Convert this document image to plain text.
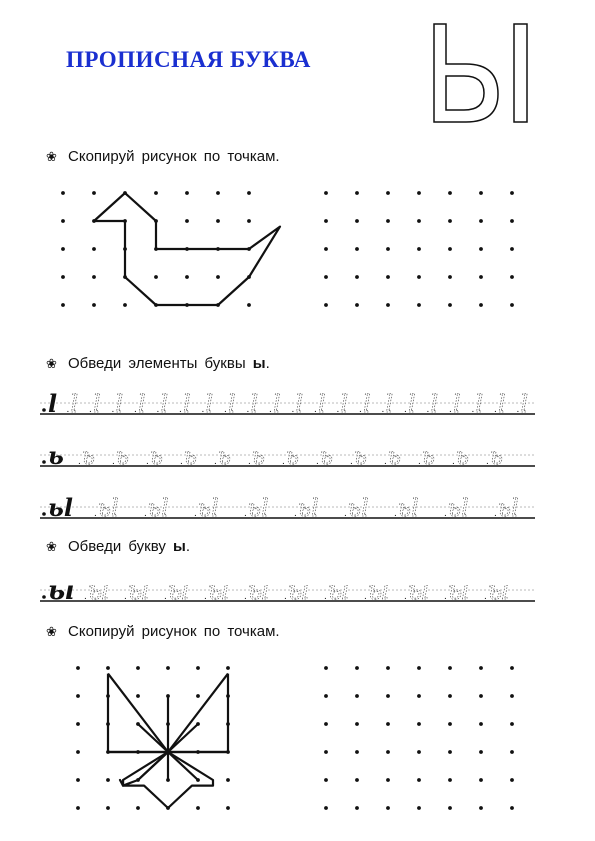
ПРОПИСНАЯ БУКВА
Ы
❀ Скопируй рисунок по точкам.
❀ Обведи элементы буквы ы.
l l
. l
. l
. l
. l
. l
. l
. l
. l
. l
. l
. l
. l
. l
. l
. l
. l
. l
. l
. l
. l
.
ь ь
. ь
. ь
. ь
. ь
. ь
. ь
. ь
. ь
. ь
. ь
. ь
. ь
.
ьl ьl
. ьl
. ьl
. ьl
. ьl
. ьl
. ьl
. ьl
. ьl
.
❀ Обведи букву ы.
ы ы
. ы
. ы
. ы
. ы
. ы
. ы
. ы
. ы
. ы
. ы
.
❀ Скопируй рисунок по точкам.
